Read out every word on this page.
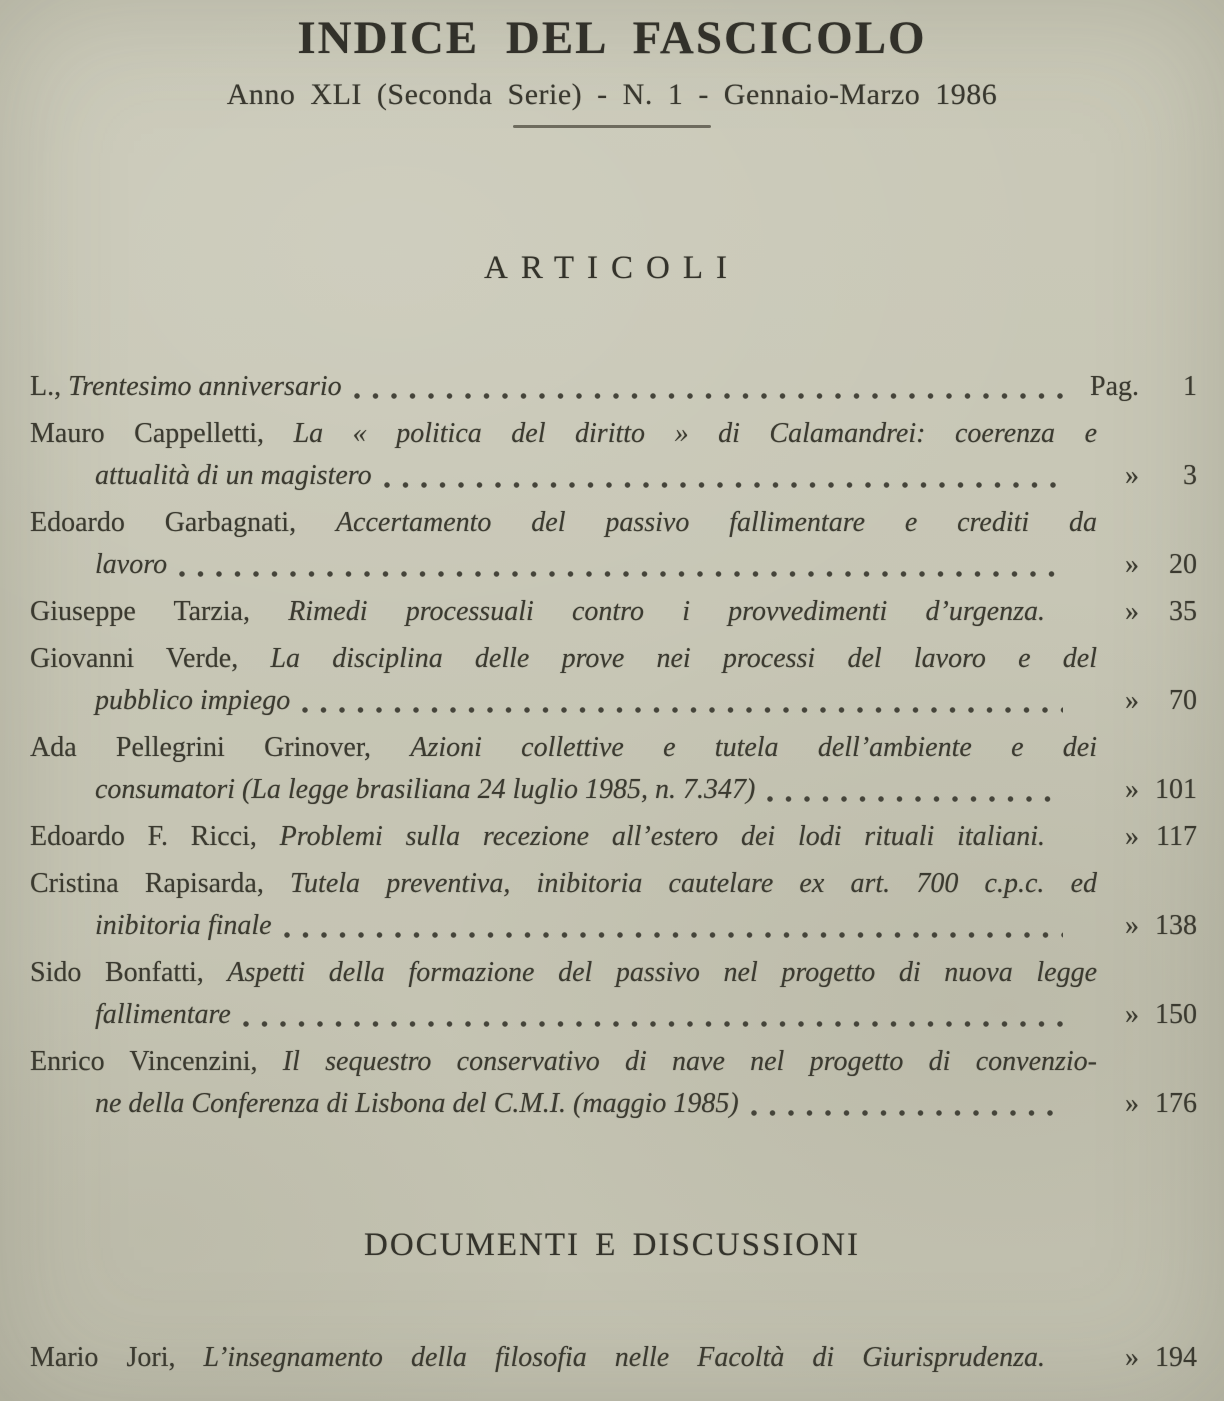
INDICE DEL FASCICOLO
Anno XLI (Seconda Serie) - N. 1 - Gennaio-Marzo 1986
ARTICOLI
L., Trentesimo anniversario	Pag.	1
Mauro Cappelletti, La « politica del diritto » di Calamandrei: coerenza e
attualità di un magistero	»	3
Edoardo Garbagnati, Accertamento del passivo fallimentare e crediti da
lavoro	»	20
Giuseppe Tarzia, Rimedi processuali contro i provvedimenti d’urgenza.	»	35
Giovanni Verde, La disciplina delle prove nei processi del lavoro e del
pubblico impiego	»	70
Ada Pellegrini Grinover, Azioni collettive e tutela dell’ambiente e dei
consumatori (La legge brasiliana 24 luglio 1985, n. 7.347)	» 101
Edoardo F. Ricci, Problemi sulla recezione all’estero dei lodi rituali italiani.	» 117
Cristina Rapisarda, Tutela preventiva, inibitoria cautelare ex art. 700 c.p.c. ed
inibitoria finale	» 138
Sido Bonfatti, Aspetti della formazione del passivo nel progetto di nuova legge
fallimentare	» 150
Enrico Vincenzini, Il sequestro conservativo di nave nel progetto di convenzio-
ne della Conferenza di Lisbona del C.M.I. (maggio 1985)	» 176
DOCUMENTI E DISCUSSIONI
Mario Jori, L’insegnamento della filosofia nelle Facoltà di Giurisprudenza.	» 194
